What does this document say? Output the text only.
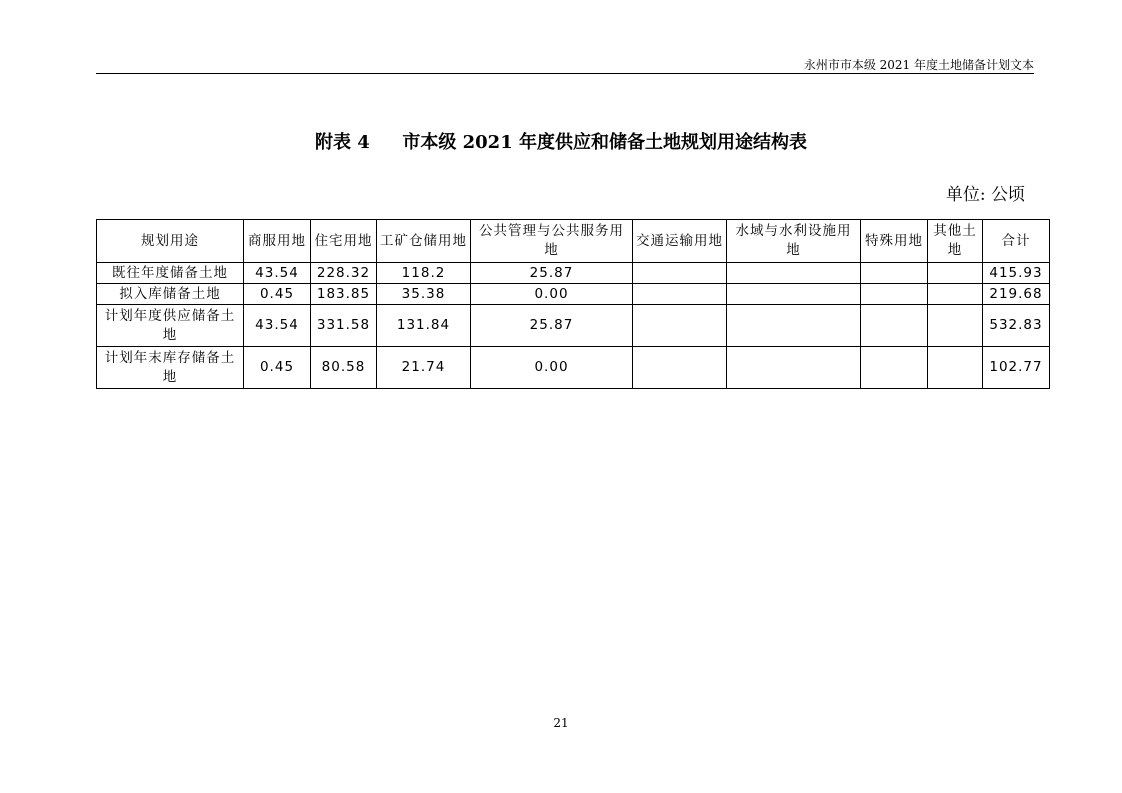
永州市市本级 2021 年度土地储备计划文本
附表 4 市本级 2021 年度供应和储备土地规划用途结构表
单位: 公顷
规划用途	商服用地	住宅用地	工矿仓储用地	公共管理与公共服务用地	交通运输用地	水域与水利设施用地	特殊用地	其他土地	合计
既往年度储备土地	43.54	228.32	118.2	25.87					415.93
拟入库储备土地	0.45	183.85	35.38	0.00					219.68
计划年度供应储备土地	43.54	331.58	131.84	25.87					532.83
计划年末库存储备土地	0.45	80.58	21.74	0.00					102.77
21
